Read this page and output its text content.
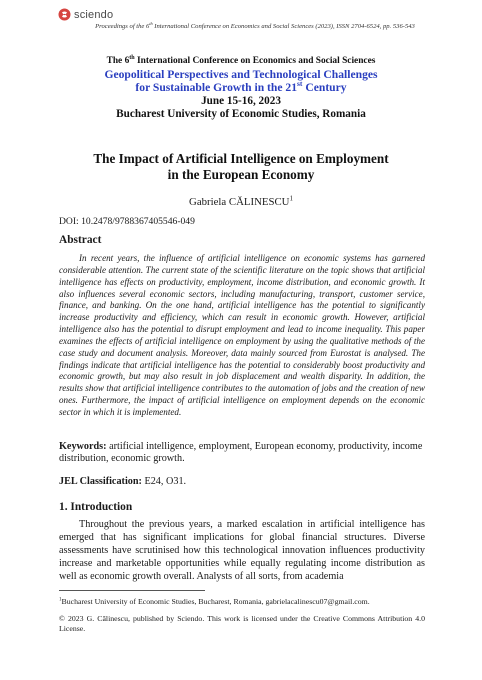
sciendo
Proceedings of the 6th International Conference on Economics and Social Sciences (2023), ISSN 2704-6524, pp. 536-543
The 6th International Conference on Economics and Social Sciences
Geopolitical Perspectives and Technological Challenges
for Sustainable Growth in the 21st Century
June 15-16, 2023
Bucharest University of Economic Studies, Romania
The Impact of Artificial Intelligence on Employment
in the European Economy
Gabriela CĂLINESCU$^1$
DOI: 10.2478/9788367405546-049
Abstract

In recent years, the influence of artificial intelligence on economic systems has garnered considerable attention. The current state of the scientific literature on the topic shows that artificial intelligence has effects on productivity, employment, income distribution, and economic growth. It also influences several economic sectors, including manufacturing, transport, customer service, finance, and banking. On the one hand, artificial intelligence has the potential to significantly increase productivity and efficiency, which can result in economic growth. However, artificial intelligence also has the potential to disrupt employment and lead to income inequality. This paper examines the effects of artificial intelligence on employment by using the qualitative methods of the case study and document analysis. Moreover, data mainly sourced from Eurostat is analysed. The findings indicate that artificial intelligence has the potential to considerably boost productivity and economic growth, but may also result in job displacement and wealth disparity. In addition, the results show that artificial intelligence contributes to the automation of jobs and the creation of new ones. Furthermore, the impact of artificial intelligence on employment depends on the economic sector in which it is implemented.

Keywords: artificial intelligence, employment, European economy, productivity, income distribution, economic growth.

JEL Classification: E24, O31.

1. Introduction

Throughout the previous years, a marked escalation in artificial intelligence has emerged that has significant implications for global financial structures. Diverse assessments have scrutinised how this technological innovation influences productivity increase and marketable opportunities while equally regulating income distribution as well as economic growth overall. Analysts of all sorts, from academia

$^1$Bucharest University of Economic Studies, Bucharest, Romania, gabrielacalinescu07@gmail.com.

© 2023 G. Călinescu, published by Sciendo. This work is licensed under the Creative Commons Attribution 4.0 License.
